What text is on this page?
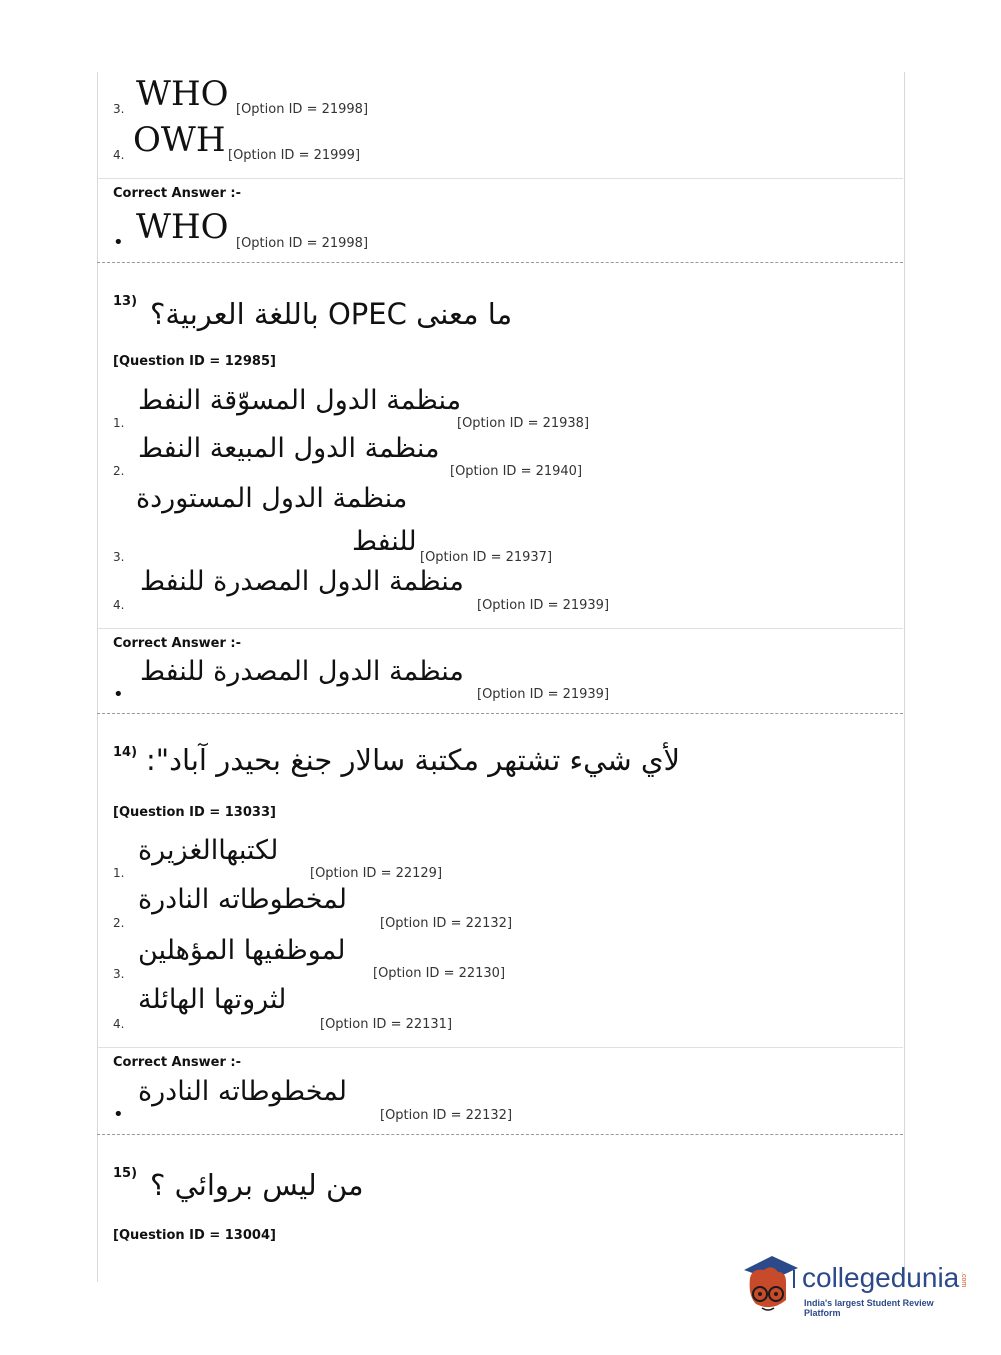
3. WHO [Option ID = 21998]
4. OWH [Option ID = 21999]
Correct Answer :-
• WHO [Option ID = 21998]
13) ما معنى OPEC باللغة العربية؟
[Question ID = 12985]
1.
منظمة الدول المسوّقة النفط
[Option ID = 21938]
2.
منظمة الدول المبيعة النفط
[Option ID = 21940]
منظمة الدول المستوردة
3.	للنفط
[Option ID = 21937]
4.
منظمة الدول المصدرة للنفط
[Option ID = 21939]
Correct Answer :-
•
منظمة الدول المصدرة للنفط
[Option ID = 21939]
14) لأي شيء تشتهر مكتبة سالار جنغ بحيدر آباد":
[Question ID = 13033]
1.
لكتبهاالغزيرة
[Option ID = 22129]
2.
لمخطوطاته النادرة
[Option ID = 22132]
3.
لموظفيها المؤهلين
[Option ID = 22130]
4.
لثروتها الهائلة
[Option ID = 22131]
Correct Answer :-
•
لمخطوطاته النادرة
[Option ID = 22132]
15) من ليس بروائي ؟
[Question ID = 13004]
collegedunia .com
India's largest Student Review Platform
